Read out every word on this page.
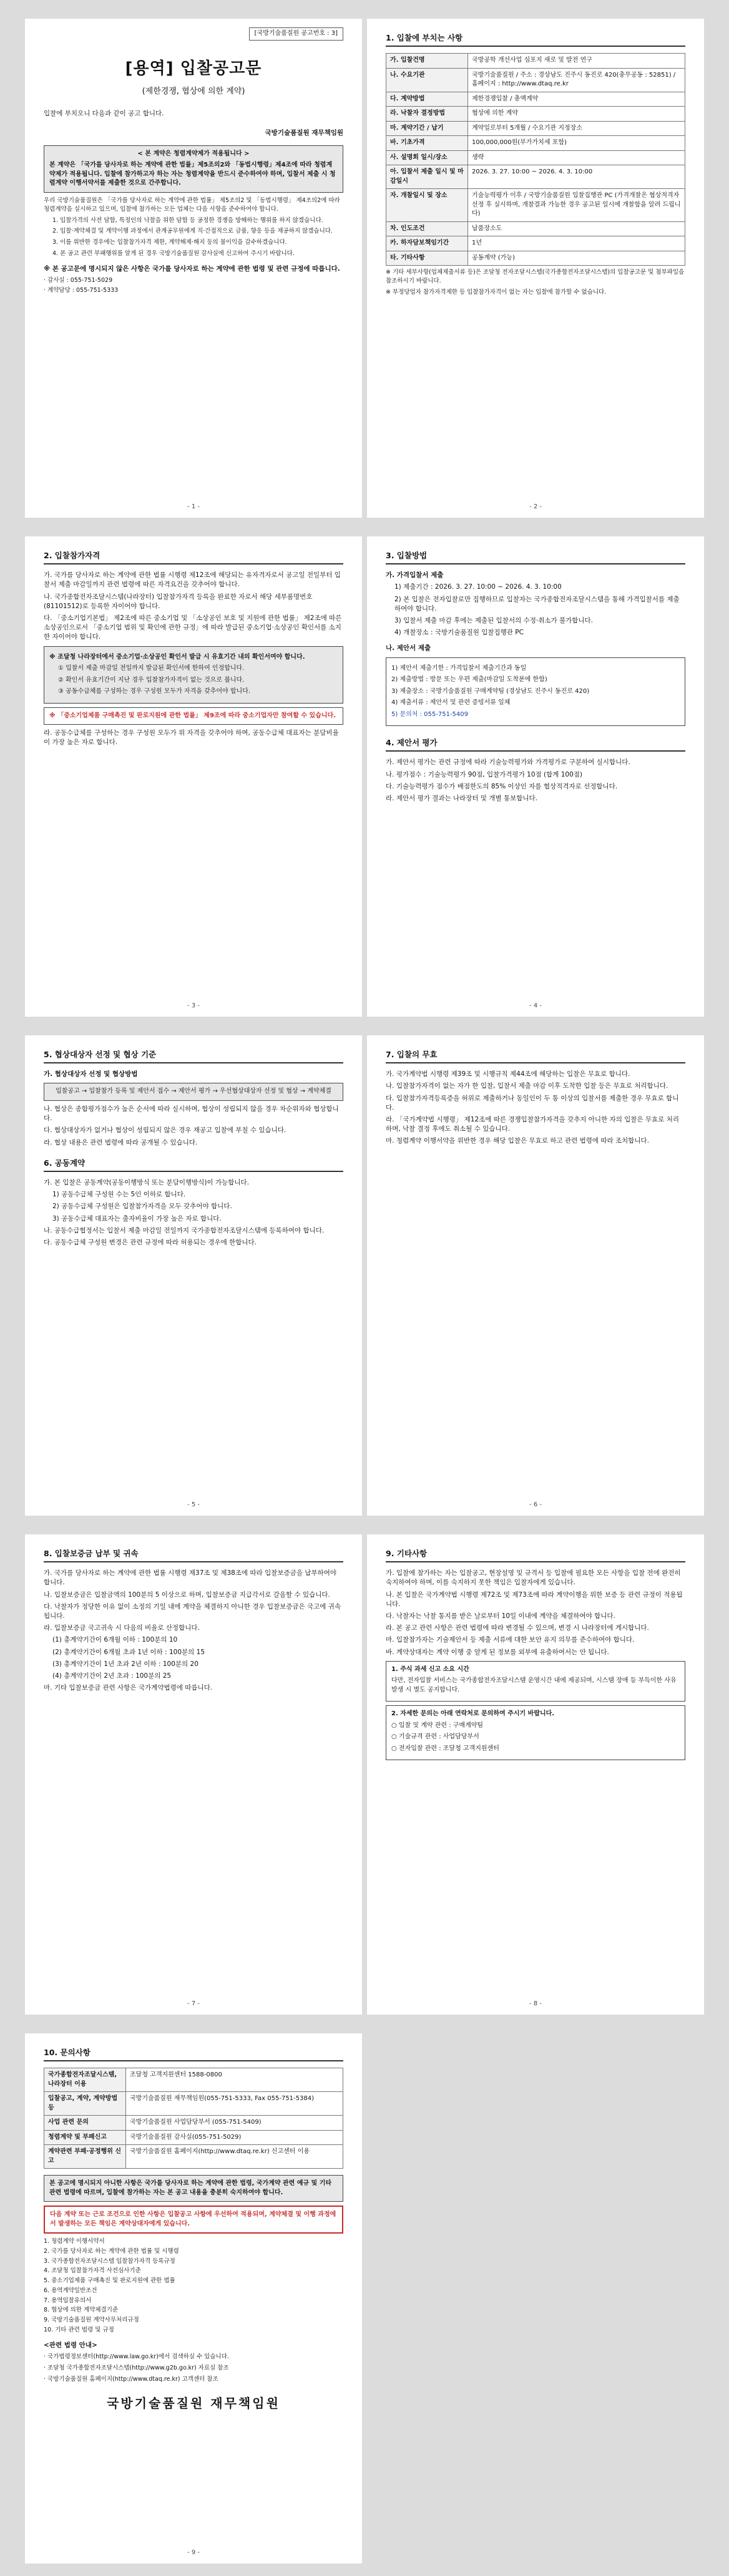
[국방기술품질원 공고번호 : 3]
[용역] 입찰공고문
(제한경쟁, 협상에 의한 계약)

입찰에 부치오니 다음과 같이 공고 합니다.

국방기술품질원 재무책임원
< 본 계약은 청렴계약제가 적용됩니다 >
본 계약은 「국가를 당사자로 하는 계약에 관한 법률」제5조의2와 「동법시행령」제4조에 따라 청렴계약제가 적용됩니다. 입찰에 참가하고자 하는 자는 청렴계약을 반드시 준수하여야 하며, 입찰서 제출 시 청렴계약 이행서약서를 제출한 것으로 간주합니다.

우리 국방기술품질원은 「국가를 당사자로 하는 계약에 관한 법률」 제5조의2 및 「동법시행령」 제4조의2에 따라 청렴계약을 실시하고 있으며, 입찰에 참가하는 모든 업체는 다음 사항을 준수하여야 합니다.

1. 입찰가격의 사전 담합, 특정인의 낙찰을 위한 담합 등 공정한 경쟁을 방해하는 행위를 하지 않겠습니다.

2. 입찰·계약체결 및 계약이행 과정에서 관계공무원에게 직·간접적으로 금품, 향응 등을 제공하지 않겠습니다.

3. 이를 위반한 경우에는 입찰참가자격 제한, 계약해제·해지 등의 불이익을 감수하겠습니다.

4. 본 공고 관련 부패행위를 알게 된 경우 국방기술품질원 감사실에 신고하여 주시기 바랍니다.

※ 본 공고문에 명시되지 않은 사항은 국가를 당사자로 하는 계약에 관한 법령 및 관련 규정에 따릅니다.

· 감사실 : 055-751-5029
· 계약담당 : 055-751-5333
- 1 -
1. 입찰에 부치는 사항
가. 입찰건명	국방공학 개선사업 심포지 새로 및 발전 연구
나. 수요기관	국방기술품질원 / 주소 : 경상남도 진주시 동진로 420(충무공동 : 52851) / 홈페이지 : http://www.dtaq.re.kr
다. 계약방법	제한경쟁입찰 / 총액계약
라. 낙찰자 결정방법	협상에 의한 계약
마. 계약기간 / 납기	계약일로부터 5개월 / 수요기관 지정장소
바. 기초가격	100,000,000원(부가가치세 포함)
사. 설명회 일시/장소	생략
아. 입찰서 제출 일시 및 마감일시	2026. 3. 27. 10:00 ~ 2026. 4. 3. 10:00
자. 개찰일시 및 장소	기술능력평가 이후 / 국방기술품질원 입찰집행관 PC (가격개찰은 협상적격자 선정 후 실시하며, 개찰결과 가능한 경우 공고된 일시에 개찰함을 알려 드립니다)
차. 인도조건	납품장소도
카. 하자담보책임기간	1년
타. 기타사항	공동계약 (가능)

※ 기타 세부사항(업체제출서류 등)은 조달청 전자조달시스템(국가종합전자조달시스템)의 입찰공고문 및 첨부파일을 참조하시기 바랍니다.

※ 부정당업자 참가자격제한 등 입찰참가자격이 없는 자는 입찰에 참가할 수 없습니다.

- 2 -
2. 입찰참가자격

가. 국가를 당사자로 하는 계약에 관한 법률 시행령 제12조에 해당되는 유자격자로서 공고일 전일부터 입찰서 제출 마감일까지 관련 법령에 따른 자격요건을 갖추어야 합니다.

나. 국가종합전자조달시스템(나라장터) 입찰참가자격 등록을 완료한 자로서 해당 세부품명번호(81101512)로 등록한 자이어야 합니다.

다. 「중소기업기본법」 제2조에 따른 중소기업 및 「소상공인 보호 및 지원에 관한 법률」 제2조에 따른 소상공인으로서 「중소기업 범위 및 확인에 관한 규정」에 따라 발급된 중소기업·소상공인 확인서를 소지한 자이어야 합니다.

※ 조달청 나라장터에서 중소기업·소상공인 확인서 발급 시 유효기간 내의 확인서여야 합니다.

① 입찰서 제출 마감일 전일까지 발급된 확인서에 한하여 인정합니다.

② 확인서 유효기간이 지난 경우 입찰참가자격이 없는 것으로 봅니다.

③ 공동수급체를 구성하는 경우 구성원 모두가 자격을 갖추어야 합니다.

※ 「중소기업제품 구매촉진 및 판로지원에 관한 법률」 제9조에 따라 중소기업자만 참여할 수 있습니다.

라. 공동수급체를 구성하는 경우 구성원 모두가 위 자격을 갖추어야 하며, 공동수급체 대표자는 분담비율이 가장 높은 자로 합니다.

- 3 -
3. 입찰방법
가. 가격입찰서 제출

1) 제출기간 : 2026. 3. 27. 10:00 ~ 2026. 4. 3. 10:00

2) 본 입찰은 전자입찰로만 집행하므로 입찰자는 국가종합전자조달시스템을 통해 가격입찰서를 제출하여야 합니다.

3) 입찰서 제출 마감 후에는 제출된 입찰서의 수정·취소가 불가합니다.

4) 개찰장소 : 국방기술품질원 입찰집행관 PC

나. 제안서 제출

1) 제안서 제출기한 : 가격입찰서 제출기간과 동일

2) 제출방법 : 방문 또는 우편 제출(마감일 도착분에 한함)

3) 제출장소 : 국방기술품질원 구매계약팀 (경상남도 진주시 동진로 420)

4) 제출서류 : 제안서 및 관련 증빙서류 일체

5) 문의처 : 055-751-5409

4. 제안서 평가

가. 제안서 평가는 관련 규정에 따라 기술능력평가와 가격평가로 구분하여 실시합니다.

나. 평가점수 : 기술능력평가 90점, 입찰가격평가 10점 (합계 100점)

다. 기술능력평가 점수가 배점한도의 85% 이상인 자를 협상적격자로 선정합니다.

라. 제안서 평가 결과는 나라장터 및 개별 통보합니다.

- 4 -
5. 협상대상자 선정 및 협상 기준
가. 협상대상자 선정 및 협상방법
입찰공고 → 입찰참가 등록 및 제안서 접수 → 제안서 평가 → 우선협상대상자 선정 및 협상 → 계약체결

나. 협상은 종합평가점수가 높은 순서에 따라 실시하며, 협상이 성립되지 않을 경우 차순위자와 협상합니다.

다. 협상대상자가 없거나 협상이 성립되지 않은 경우 재공고 입찰에 부칠 수 있습니다.

라. 협상 내용은 관련 법령에 따라 공개될 수 있습니다.

6. 공동계약

가. 본 입찰은 공동계약(공동이행방식 또는 분담이행방식)이 가능합니다.

1) 공동수급체 구성원 수는 5인 이하로 합니다.

2) 공동수급체 구성원은 입찰참가자격을 모두 갖추어야 합니다.

3) 공동수급체 대표자는 출자비율이 가장 높은 자로 합니다.

나. 공동수급협정서는 입찰서 제출 마감일 전일까지 국가종합전자조달시스템에 등록하여야 합니다.

다. 공동수급체 구성원 변경은 관련 규정에 따라 허용되는 경우에 한합니다.

- 5 -
7. 입찰의 무효

가. 국가계약법 시행령 제39조 및 시행규칙 제44조에 해당하는 입찰은 무효로 합니다.

나. 입찰참가자격이 없는 자가 한 입찰, 입찰서 제출 마감 이후 도착한 입찰 등은 무효로 처리합니다.

다. 입찰참가자격등록증을 허위로 제출하거나 동일인이 두 통 이상의 입찰서를 제출한 경우 무효로 합니다.

라. 「국가계약법 시행령」 제12조에 따른 경쟁입찰참가자격을 갖추지 아니한 자의 입찰은 무효로 처리하며, 낙찰 결정 후에도 취소될 수 있습니다.

마. 청렴계약 이행서약을 위반한 경우 해당 입찰은 무효로 하고 관련 법령에 따라 조치합니다.

- 6 -
8. 입찰보증금 납부 및 귀속

가. 국가를 당사자로 하는 계약에 관한 법률 시행령 제37조 및 제38조에 따라 입찰보증금을 납부하여야 합니다.

나. 입찰보증금은 입찰금액의 100분의 5 이상으로 하며, 입찰보증금 지급각서로 갈음할 수 있습니다.

다. 낙찰자가 정당한 이유 없이 소정의 기일 내에 계약을 체결하지 아니한 경우 입찰보증금은 국고에 귀속됩니다.

라. 입찰보증금 국고귀속 시 다음의 비율로 산정합니다.

(1) 총계약기간이 6개월 이하 : 100분의 10

(2) 총계약기간이 6개월 초과 1년 이하 : 100분의 15

(3) 총계약기간이 1년 초과 2년 이하 : 100분의 20

(4) 총계약기간이 2년 초과 : 100분의 25

마. 기타 입찰보증금 관련 사항은 국가계약법령에 따릅니다.

- 7 -
9. 기타사항

가. 입찰에 참가하는 자는 입찰공고, 현장설명 및 규격서 등 입찰에 필요한 모든 사항을 입찰 전에 완전히 숙지하여야 하며, 이를 숙지하지 못한 책임은 입찰자에게 있습니다.

나. 본 입찰은 국가계약법 시행령 제72조 및 제73조에 따라 계약이행을 위한 보증 등 관련 규정이 적용됩니다.

다. 낙찰자는 낙찰 통지를 받은 날로부터 10일 이내에 계약을 체결하여야 합니다.

라. 본 공고 관련 사항은 관련 법령에 따라 변경될 수 있으며, 변경 시 나라장터에 게시합니다.

마. 입찰참가자는 기술제안서 등 제출 서류에 대한 보안 유지 의무를 준수하여야 합니다.

바. 계약상대자는 계약 이행 중 알게 된 정보를 외부에 유출하여서는 안 됩니다.

1. 주식 과세 신고 소요 시간

다만, 전자입찰 서비스는 국가종합전자조달시스템 운영시간 내에 제공되며, 시스템 장애 등 부득이한 사유 발생 시 별도 공지합니다.

2. 자세한 문의는 아래 연락처로 문의하여 주시기 바랍니다.

○ 입찰 및 계약 관련 : 구매계약팀

○ 기술규격 관련 : 사업담당부서

○ 전자입찰 관련 : 조달청 고객지원센터

- 8 -
10. 문의사항
국가종합전자조달시스템, 나라장터 이용	조달청 고객지원센터 1588-0800
입찰공고, 계약, 계약방법 등	국방기술품질원 재무책임원(055-751-5333, Fax 055-751-5384)
사업 관련 문의	국방기술품질원 사업담당부서 (055-751-5409)
청렴계약 및 부패신고	국방기술품질원 감사실(055-751-5029)
계약관련 부패·공정행위 신고	국방기술품질원 홈페이지(http://www.dtaq.re.kr) 신고센터 이용
본 공고에 명시되지 아니한 사항은 국가를 당사자로 하는 계약에 관한 법령, 국가계약 관련 예규 및 기타 관련 법령에 따르며, 입찰에 참가하는 자는 본 공고 내용을 충분히 숙지하여야 합니다.
다음 계약 또는 근로 조건으로 인한 사항은 입찰공고 사항에 우선하여 적용되며, 계약체결 및 이행 과정에서 발생하는 모든 책임은 계약상대자에게 있습니다.
1. 청렴계약 이행서약서
2. 국가를 당사자로 하는 계약에 관한 법률 및 시행령
3. 국가종합전자조달시스템 입찰참가자격 등록규정
4. 조달청 입찰참가자격 사전심사기준
5. 중소기업제품 구매촉진 및 판로지원에 관한 법률
6. 용역계약일반조건
7. 용역입찰유의서
8. 협상에 의한 계약체결기준
9. 국방기술품질원 계약사무처리규정
10. 기타 관련 법령 및 규정
<관련 법령 안내>

· 국가법령정보센터(http://www.law.go.kr)에서 검색하실 수 있습니다.

· 조달청 국가종합전자조달시스템(http://www.g2b.go.kr) 자료실 참조

· 국방기술품질원 홈페이지(http://www.dtaq.re.kr) 고객센터 참조

국방기술품질원 재무책임원
- 9 -
